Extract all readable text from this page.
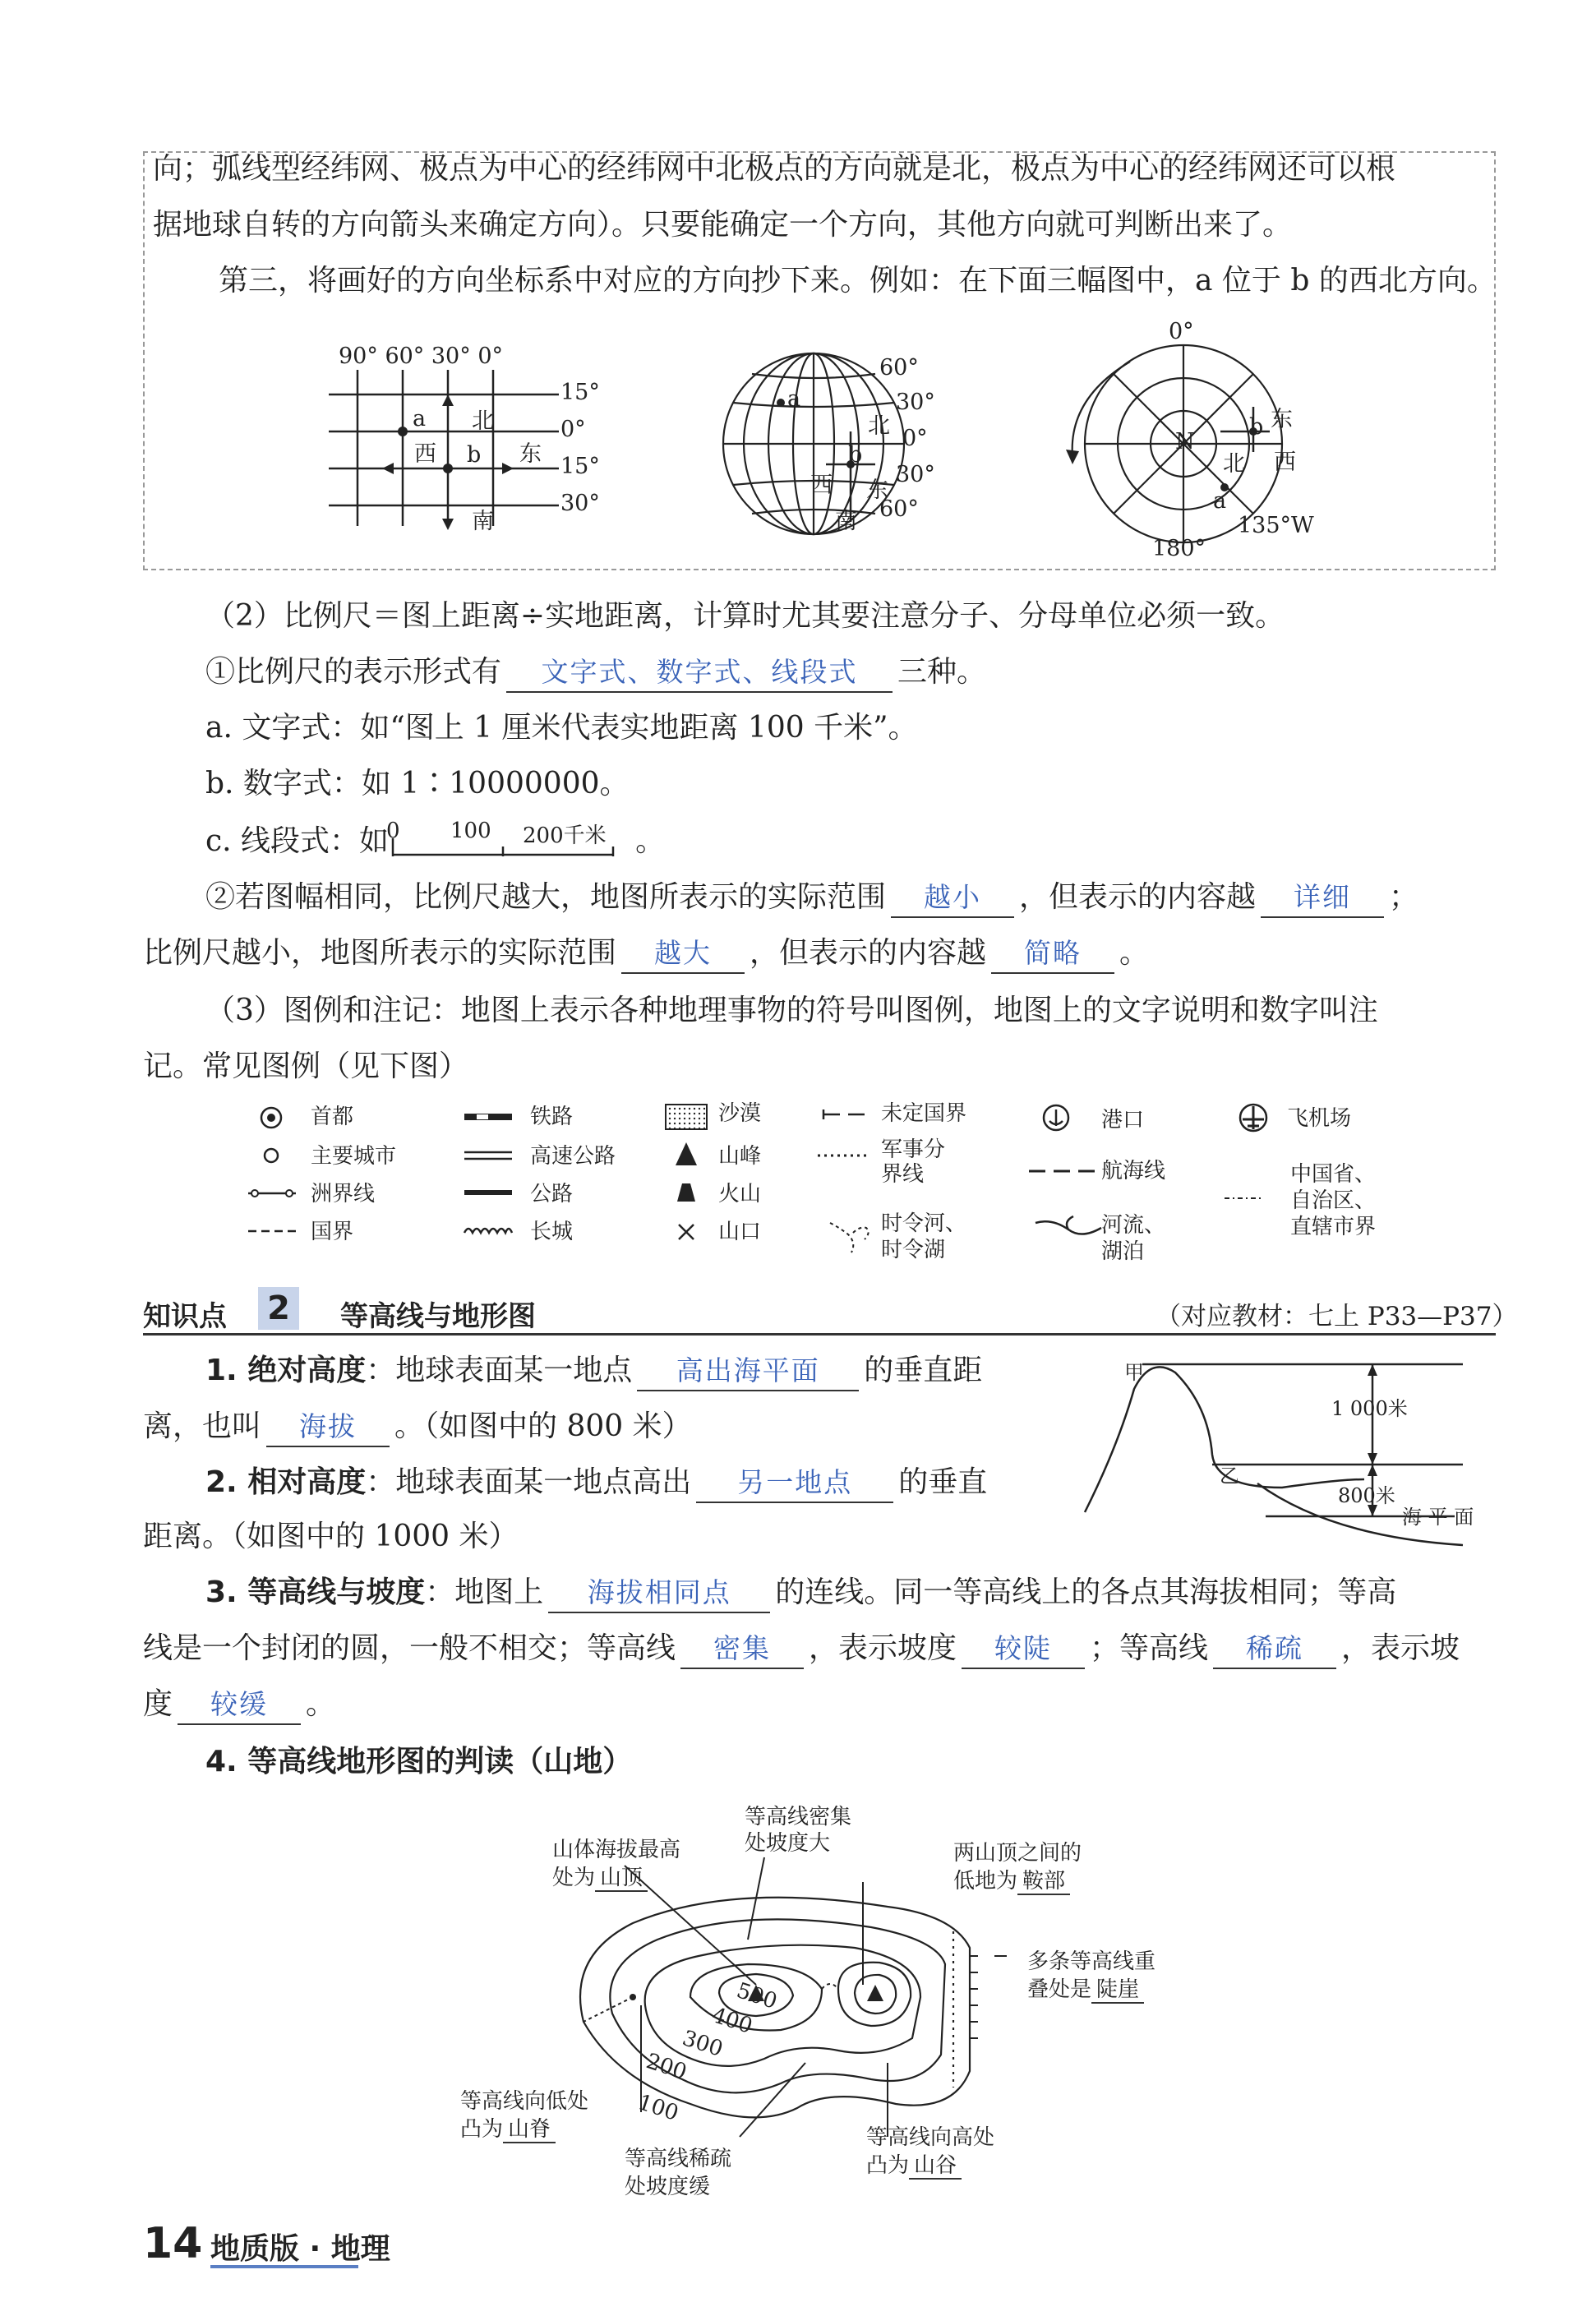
向；弧线型经纬网、极点为中心的经纬网中北极点的方向就是北，极点为中心的经纬网还可以根
据地球自转的方向箭头来确定方向）。只要能确定一个方向，其他方向就可判断出来了。
第三，将画好的方向坐标系中对应的方向抄下来。例如：在下面三幅图中，a 位于 b 的西北方向。
90° 60° 30° 0°
15°
0°
15°
30°
北
南
西	东
a
b
60°
30°
0°
30°
60°
北
南
西 东
a
b
0°
180°
135°W
N
东
西
北
a
b
（2）比例尺＝图上距离÷实地距离，计算时尤其要注意分子、分母单位必须一致。
①比例尺的表示形式有 文字式、数字式、线段式 三种。
a. 文字式：如“图上 1 厘米代表实地距离 100 千米”。
b. 数字式：如 1∶10000000。
c. 线段式：如	。
0 100 200千米
②若图幅相同，比例尺越大，地图所表示的实际范围 越小 ，但表示的内容越 详细 ；
比例尺越小，地图所表示的实际范围 越大 ，但表示的内容越 简略 。
（3）图例和注记：地图上表示各种地理事物的符号叫图例，地图上的文字说明和数字叫注
记。常见图例（见下图）
首都
主要城市
洲界线
国界
铁路
高速公路
公路
长城
沙漠
山峰
火山
山口
未定国界
军事分
界线
时令河、
时令湖
港口
航海线
河流、
湖泊
飞机场
中国省、
自治区、
直辖市界
知识点 2	等高线与地形图	（对应教材：七上 P33—P37）
1. 绝对高度：地球表面某一地点 高出海平面 的垂直距
离，也叫 海拔 。（如图中的 800 米）
2. 相对高度：地球表面某一地点高出 另一地点 的垂直
距离。（如图中的 1000 米）
甲
乙
1 000米
800米
海 平 面
3. 等高线与坡度：地图上 海拔相同点 的连线。同一等高线上的各点其海拔相同；等高
线是一个封闭的圆，一般不相交；等高线 密集 ，表示坡度 较陡 ；等高线 稀疏 ，表示坡
度 较缓 。
4. 等高线地形图的判读（山地）
等高线密集
处坡度大
山体海拔最高
处为 山顶
两山顶之间的
低地为 鞍部
多条等高线重
叠处是 陡崖
等高线向低处
凸为 山脊
等高线稀疏
处坡度缓
等高线向高处
凸为 山谷
500
400
300
200
100
14 地质版 · 地理
